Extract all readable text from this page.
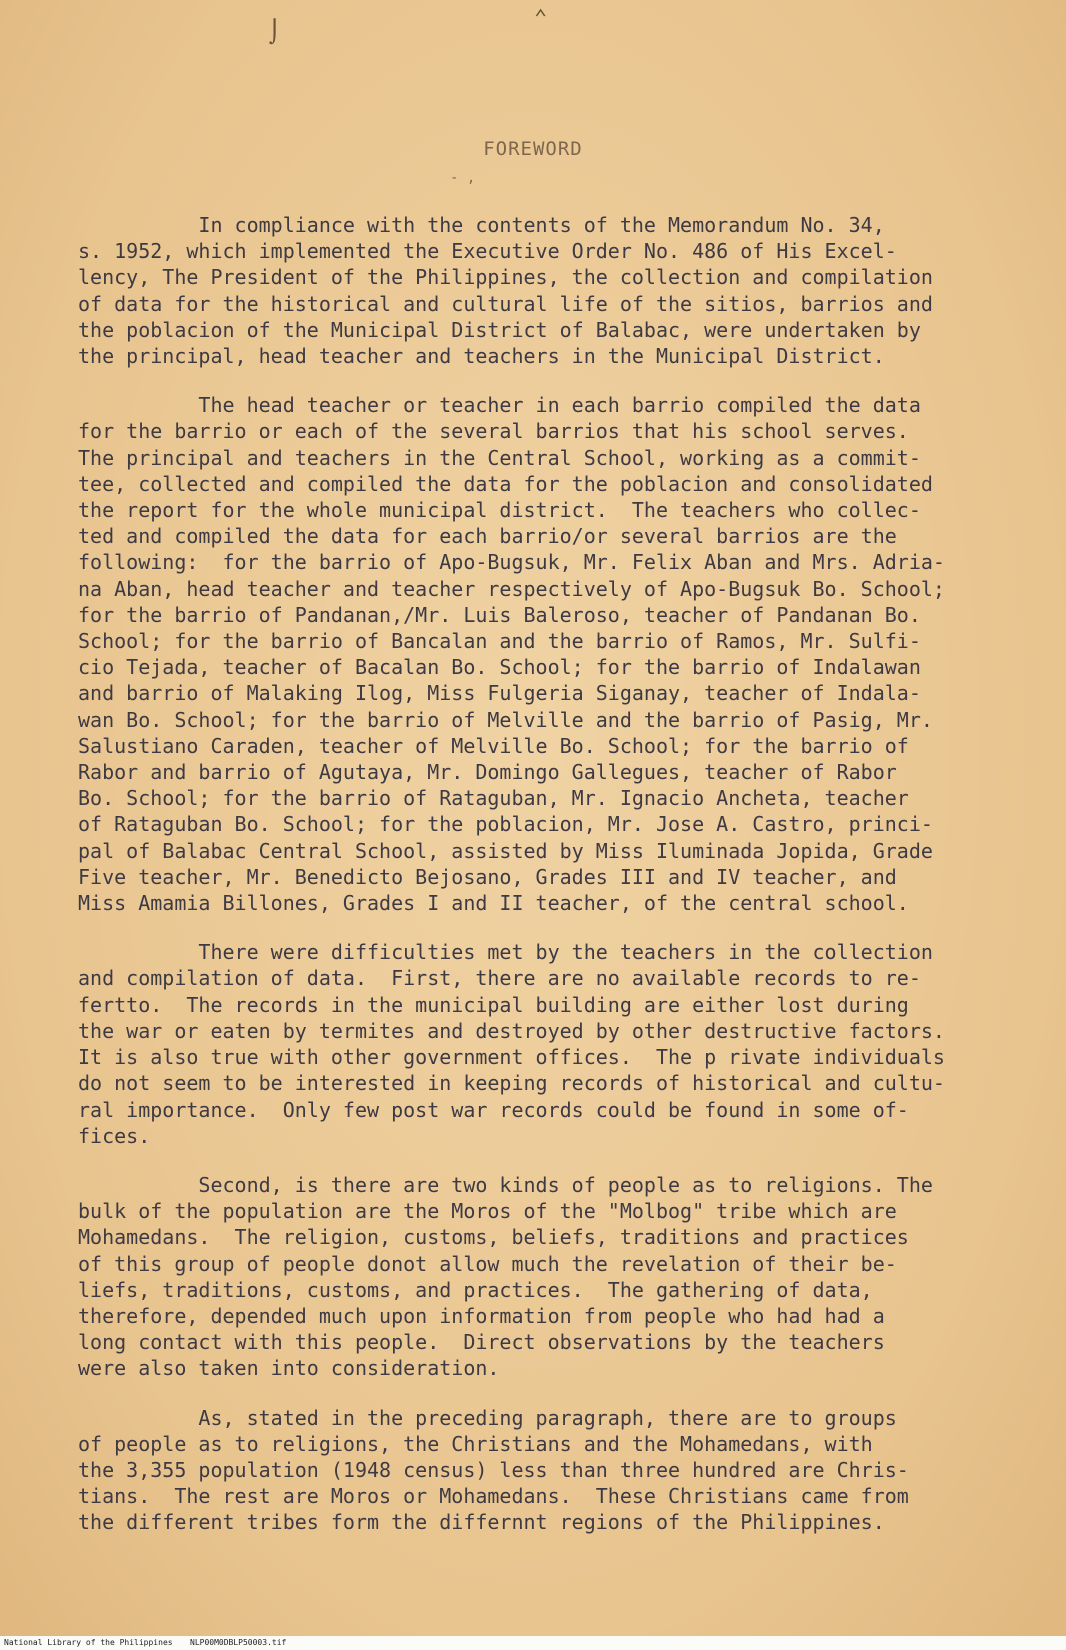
⌡
⌃
FOREWORD
- ,
In compliance with the contents of the Memorandum No. 34,
s. 1952, which implemented the Executive Order No. 486 of His Excel-
lency, The President of the Philippines, the collection and compilation
of data for the historical and cultural life of the sitios, barrios and
the poblacion of the Municipal District of Balabac, were undertaken by
the principal, head teacher and teachers in the Municipal District.
The head teacher or teacher in each barrio compiled the data
for the barrio or each of the several barrios that his school serves.
The principal and teachers in the Central School, working as a commit-
tee, collected and compiled the data for the poblacion and consolidated
the report for the whole municipal district.  The teachers who collec-
ted and compiled the data for each barrio/or several barrios are the
following:  for the barrio of Apo-Bugsuk, Mr. Felix Aban and Mrs. Adria-
na Aban, head teacher and teacher respectively of Apo-Bugsuk Bo. School;
for the barrio of Pandanan,/Mr. Luis Baleroso, teacher of Pandanan Bo.
School; for the barrio of Bancalan and the barrio of Ramos, Mr. Sulfi-
cio Tejada, teacher of Bacalan Bo. School; for the barrio of Indalawan
and barrio of Malaking Ilog, Miss Fulgeria Siganay, teacher of Indala-
wan Bo. School; for the barrio of Melville and the barrio of Pasig, Mr.
Salustiano Caraden, teacher of Melville Bo. School; for the barrio of
Rabor and barrio of Agutaya, Mr. Domingo Gallegues, teacher of Rabor
Bo. School; for the barrio of Rataguban, Mr. Ignacio Ancheta, teacher
of Rataguban Bo. School; for the poblacion, Mr. Jose A. Castro, princi-
pal of Balabac Central School, assisted by Miss Iluminada Jopida, Grade
Five teacher, Mr. Benedicto Bejosano, Grades III and IV teacher, and
Miss Amamia Billones, Grades I and II teacher, of the central school.
There were difficulties met by the teachers in the collection
and compilation of data.  First, there are no available records to re-
fertto.  The records in the municipal building are either lost during
the war or eaten by termites and destroyed by other destructive factors.
It is also true with other government offices.  The p rivate individuals
do not seem to be interested in keeping records of historical and cultu-
ral importance.  Only few post war records could be found in some of-
fices.
Second, is there are two kinds of people as to religions. The
bulk of the population are the Moros of the "Molbog" tribe which are
Mohamedans.  The religion, customs, beliefs, traditions and practices
of this group of people donot allow much the revelation of their be-
liefs, traditions, customs, and practices.  The gathering of data,
therefore, depended much upon information from people who had had a
long contact with this people.  Direct observations by the teachers
were also taken into consideration.
As, stated in the preceding paragraph, there are to groups
of people as to religions, the Christians and the Mohamedans, with
the 3,355 population (1948 census) less than three hundred are Chris-
tians.  The rest are Moros or Mohamedans.  These Christians came from
the different tribes form the differnnt regions of the Philippines.
National Library of the Philippines NLP00M0DBLP50003.tif
